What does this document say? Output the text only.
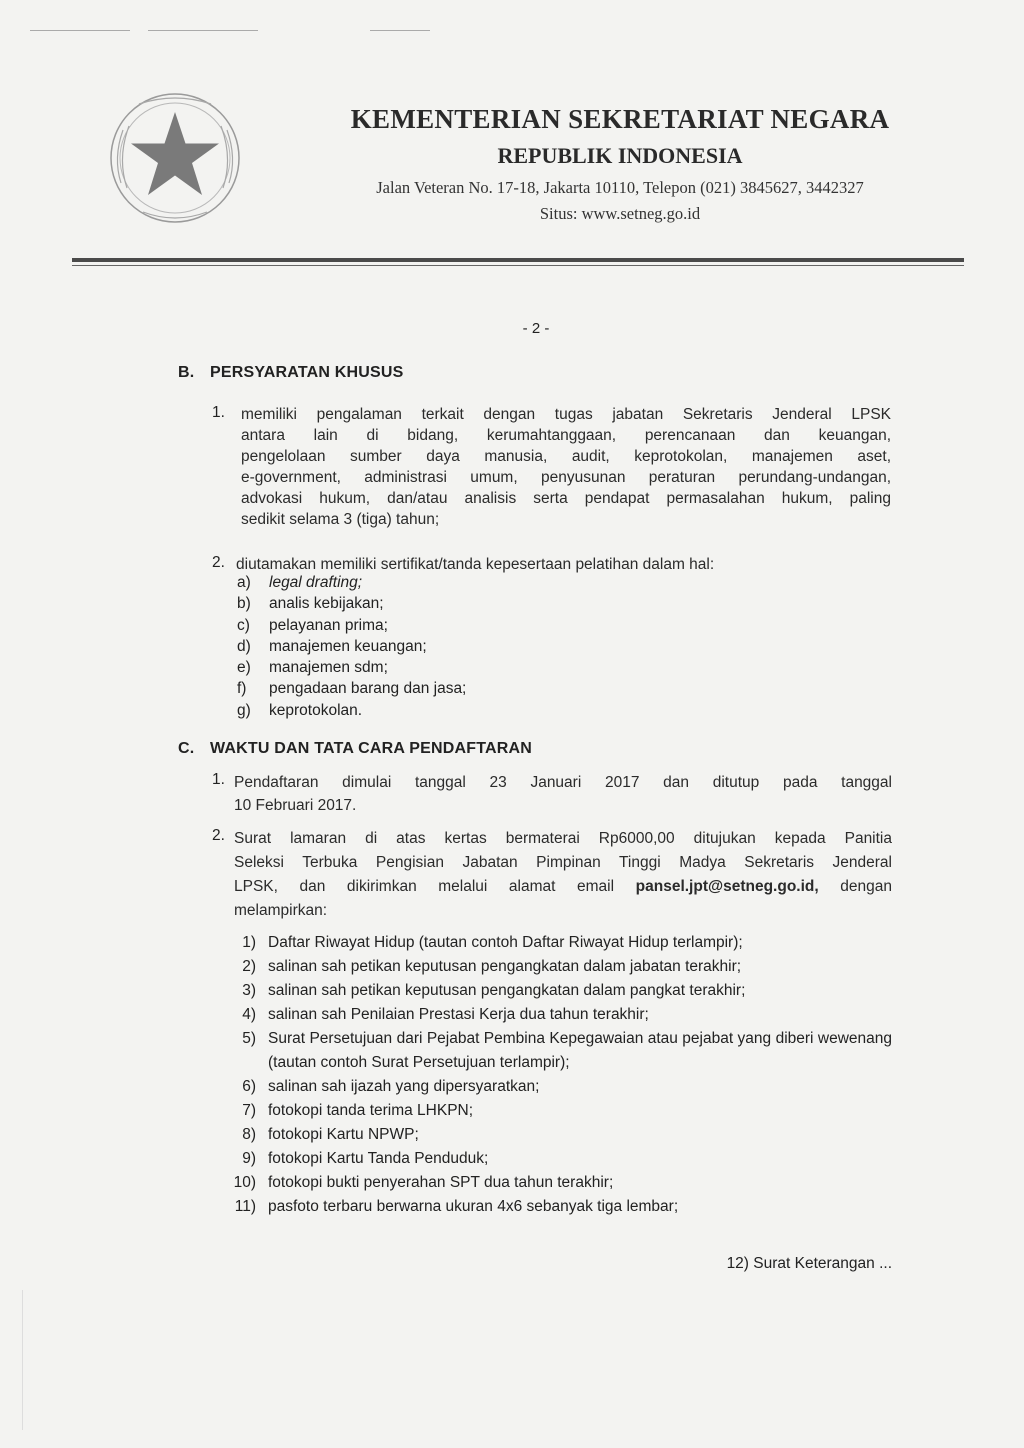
KEMENTERIAN SEKRETARIAT NEGARA
REPUBLIK INDONESIA
Jalan Veteran No. 17-18, Jakarta 10110, Telepon (021) 3845627, 3442327
Situs: www.setneg.go.id
- 2 -
B. PERSYARATAN KHUSUS
1. memiliki pengalaman terkait dengan tugas jabatan Sekretaris Jenderal LPSK
antara lain di bidang, kerumahtanggaan, perencanaan dan keuangan,
pengelolaan sumber daya manusia, audit, keprotokolan, manajemen aset,
e-government, administrasi umum, penyusunan peraturan perundang-undangan,
advokasi hukum, dan/atau analisis serta pendapat permasalahan hukum, paling
sedikit selama 3 (tiga) tahun;
2. diutamakan memiliki sertifikat/tanda kepesertaan pelatihan dalam hal:
a) legal drafting;
b) analis kebijakan;
c) pelayanan prima;
d) manajemen keuangan;
e) manajemen sdm;
f) pengadaan barang dan jasa;
g) keprotokolan.
C. WAKTU DAN TATA CARA PENDAFTARAN
1. Pendaftaran dimulai tanggal 23 Januari 2017 dan ditutup pada tanggal
10 Februari 2017.
2. Surat lamaran di atas kertas bermaterai Rp6000,00 ditujukan kepada Panitia
Seleksi Terbuka Pengisian Jabatan Pimpinan Tinggi Madya Sekretaris Jenderal
LPSK, dan dikirimkan melalui alamat email pansel.jpt@setneg.go.id, dengan
melampirkan:
1) Daftar Riwayat Hidup (tautan contoh Daftar Riwayat Hidup terlampir);
2) salinan sah petikan keputusan pengangkatan dalam jabatan terakhir;
3) salinan sah petikan keputusan pengangkatan dalam pangkat terakhir;
4) salinan sah Penilaian Prestasi Kerja dua tahun terakhir;
5) Surat Persetujuan dari Pejabat Pembina Kepegawaian atau pejabat yang diberi wewenang (tautan contoh Surat Persetujuan terlampir);
6) salinan sah ijazah yang dipersyaratkan;
7) fotokopi tanda terima LHKPN;
8) fotokopi Kartu NPWP;
9) fotokopi Kartu Tanda Penduduk;
10) fotokopi bukti penyerahan SPT dua tahun terakhir;
11) pasfoto terbaru berwarna ukuran 4x6 sebanyak tiga lembar;
12) Surat Keterangan ...
